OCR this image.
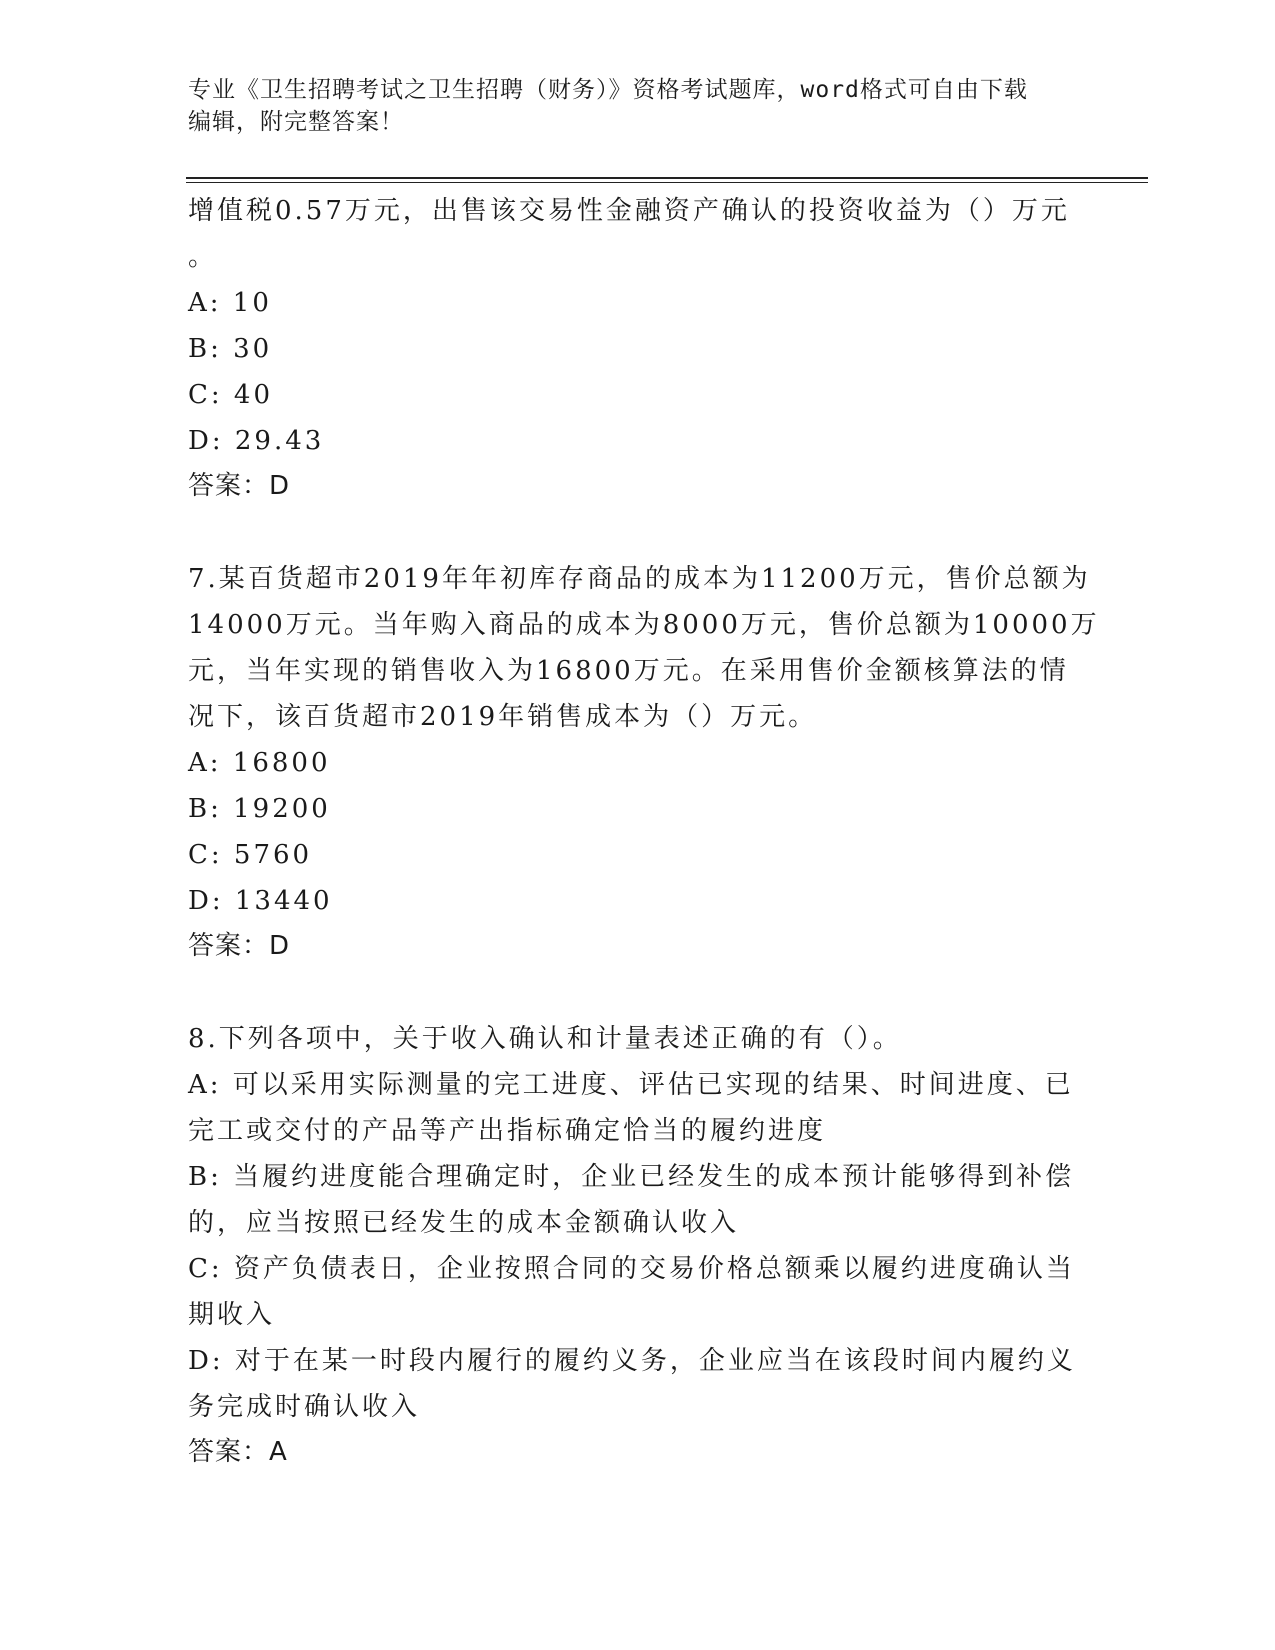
专业《卫生招聘考试之卫生招聘（财务）》资格考试题库，word格式可自由下载
编辑，附完整答案！
增值税0.57万元，出售该交易性金融资产确认的投资收益为（）万元
。
A: 10
B: 30
C: 40
D: 29.43
答案：D
7.某百货超市2019年年初库存商品的成本为11200万元，售价总额为
14000万元。当年购入商品的成本为8000万元，售价总额为10000万
元，当年实现的销售收入为16800万元。在采用售价金额核算法的情
况下，该百货超市2019年销售成本为（）万元。
A: 16800
B: 19200
C: 5760
D: 13440
答案：D
8.下列各项中，关于收入确认和计量表述正确的有（）。
A: 可以采用实际测量的完工进度、评估已实现的结果、时间进度、已
完工或交付的产品等产出指标确定恰当的履约进度
B: 当履约进度能合理确定时，企业已经发生的成本预计能够得到补偿
的，应当按照已经发生的成本金额确认收入
C: 资产负债表日，企业按照合同的交易价格总额乘以履约进度确认当
期收入
D: 对于在某一时段内履行的履约义务，企业应当在该段时间内履约义
务完成时确认收入
答案：A
